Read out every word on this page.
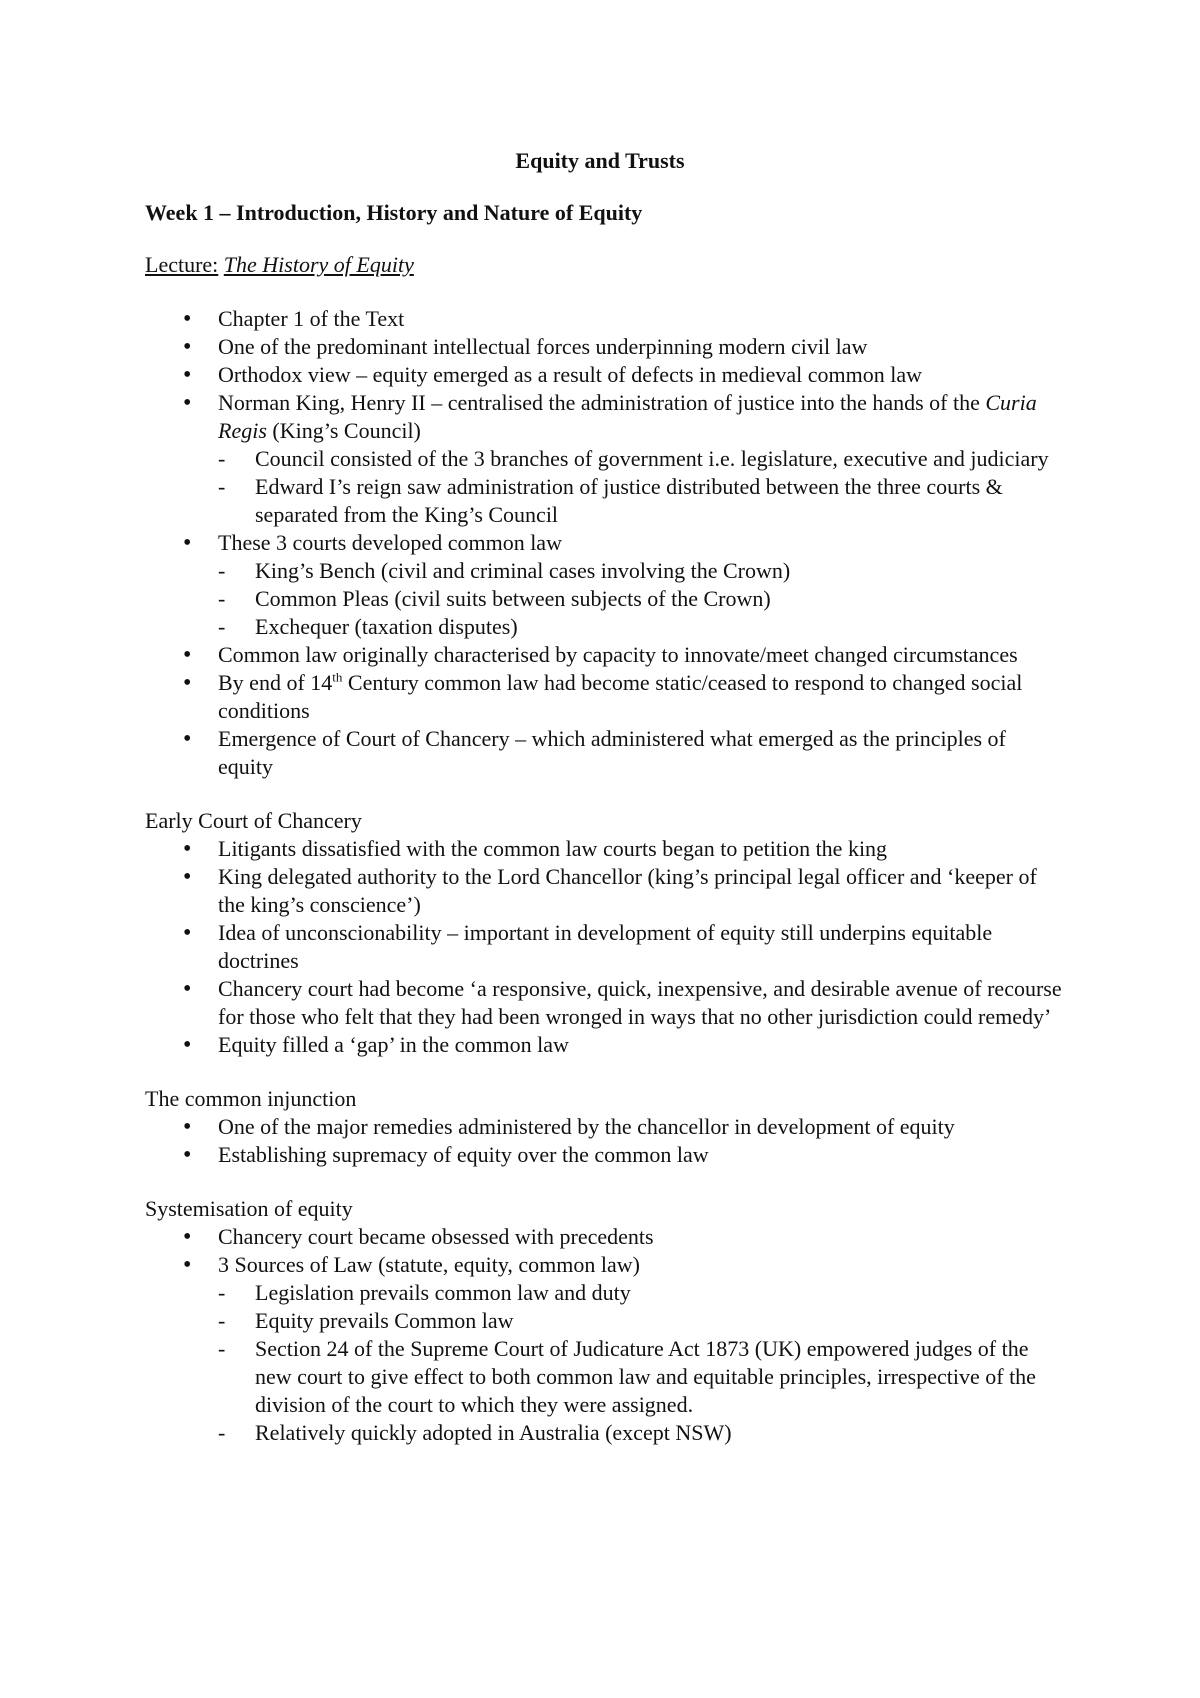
Equity and Trusts
Week 1 – Introduction, History and Nature of Equity
Lecture: The History of Equity
• Chapter 1 of the Text
• One of the predominant intellectual forces underpinning modern civil law
• Orthodox view – equity emerged as a result of defects in medieval common law
• Norman King, Henry II – centralised the administration of justice into the hands of the Curia Regis (King’s Council)
- Council consisted of the 3 branches of government i.e. legislature, executive and judiciary
- Edward I’s reign saw administration of justice distributed between the three courts & separated from the King’s Council
• These 3 courts developed common law
- King’s Bench (civil and criminal cases involving the Crown)
- Common Pleas (civil suits between subjects of the Crown)
- Exchequer (taxation disputes)
• Common law originally characterised by capacity to innovate/meet changed circumstances
• By end of 14th Century common law had become static/ceased to respond to changed social conditions
• Emergence of Court of Chancery – which administered what emerged as the principles of equity
Early Court of Chancery
• Litigants dissatisfied with the common law courts began to petition the king
• King delegated authority to the Lord Chancellor (king’s principal legal officer and ‘keeper of the king’s conscience’)
• Idea of unconscionability – important in development of equity still underpins equitable doctrines
• Chancery court had become ‘a responsive, quick, inexpensive, and desirable avenue of recourse for those who felt that they had been wronged in ways that no other jurisdiction could remedy’
• Equity filled a ‘gap’ in the common law
The common injunction
• One of the major remedies administered by the chancellor in development of equity
• Establishing supremacy of equity over the common law
Systemisation of equity
• Chancery court became obsessed with precedents
• 3 Sources of Law (statute, equity, common law)
- Legislation prevails common law and duty
- Equity prevails Common law
- Section 24 of the Supreme Court of Judicature Act 1873 (UK) empowered judges of the new court to give effect to both common law and equitable principles, irrespective of the division of the court to which they were assigned.
- Relatively quickly adopted in Australia (except NSW)
